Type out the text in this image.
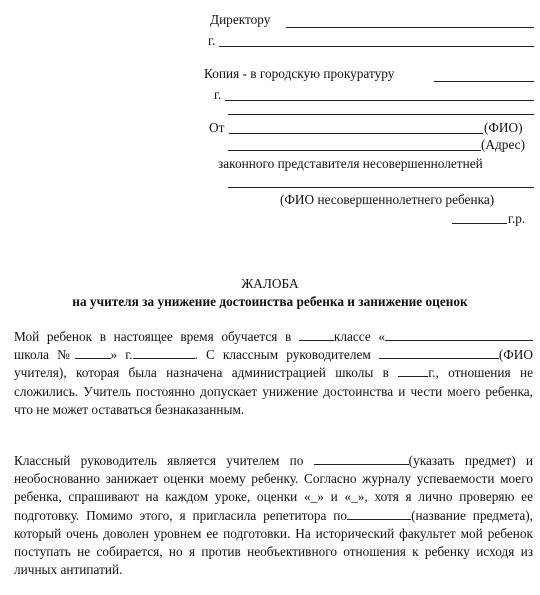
Директору
г.
Копия - в городскую прокуратуру
г.
От	(ФИО)
(Адрес)
законного представителя несовершеннолетней
(ФИО несовершеннолетнего ребенка)
г.р.
ЖАЛОБА
на учителя за унижение достоинства ребенка и занижение оценок

Мой ребенок в настоящее время обучается в	классе «школа №	» г.	. С классным руководителем	(ФИО учителя), которая была назначена администрацией школы в г., отношения не сложились. Учитель постоянно допускает унижение достоинства и чести моего ребенка, что не может оставаться безнаказанным.

Классный руководитель является учителем по	(указать предмет) и необоснованно занижает оценки моему ребенку. Согласно журналу успеваемости моего ребенка, спрашивают на каждом уроке, оценки «_» и «_», хотя я лично проверяю ее подготовку. Помимо этого, я пригласила репетитора по	(название предмета), который очень доволен уровнем ее подготовки. На исторический факультет мой ребенок поступать не собирается, но я против необъективного отношения к ребенку исходя из личных антипатий.
